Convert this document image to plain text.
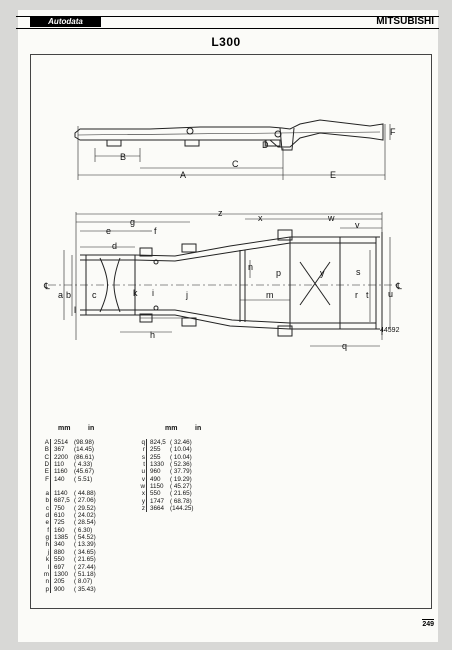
Autodata	MITSUBISHI
L300
B
C
A
D
E
F
z
g	x	w
v
e	f
d
n	s
p	y
k i	j	m	r t u
a b c
l
h
q
℄	℄
44592
mm	in	mm	in
A 2514 (98.98)
B 367 (14.45)
C 2200 (86.61)
D 110 ( 4.33)
E 1160 (45.67)
F 140 ( 5.51)
a 1140 ( 44.88)
b 687,5 ( 27.06)
c 750 ( 29.52)
d 610 ( 24.02)
e 725 ( 28.54)
f 160 ( 6.30)
g 1385 ( 54.52)
h 340 ( 13.39)
j 880 ( 34.65)
k 550 ( 21.65)
l 697 ( 27.44)
m 1300 ( 51.18)
n 205 ( 8.07)
p 900 ( 35.43)
q 824,5 ( 32.46)
r 255 ( 10.04)
s 255 ( 10.04)
t 1330 ( 52.36)
u 960 ( 37.79)
v 490 ( 19.29)
w 1150 ( 45.27)
x 550 ( 21.65)
y 1747 ( 68.78)
z 3664 (144.25)
249
